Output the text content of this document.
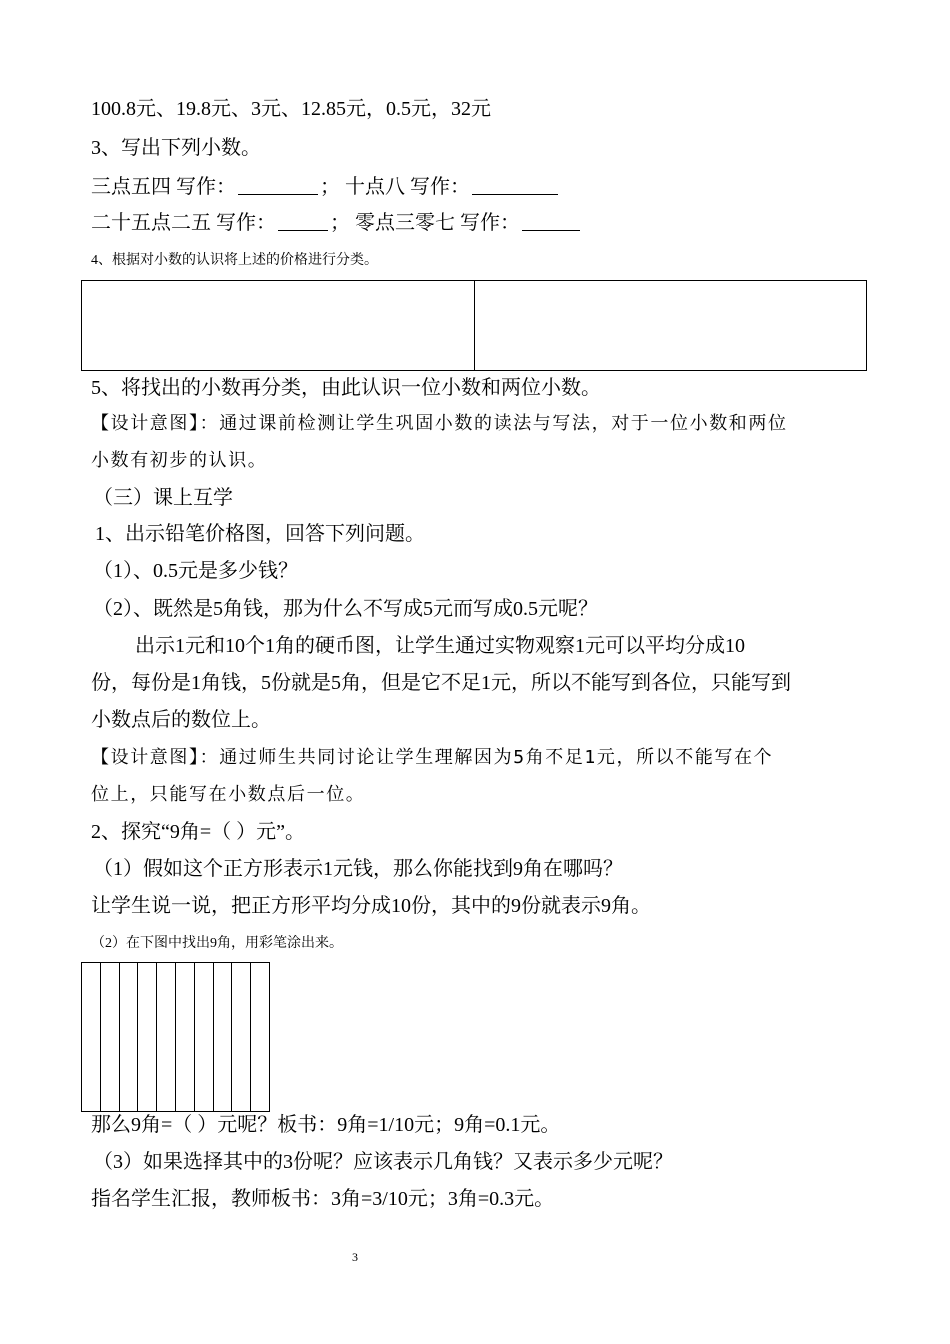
100.8元、19.8元、3元、12.85元，0.5元，32元
3、写出下列小数。
三点五四 写作：	； 十点八 写作：
二十五点二五 写作：	； 零点三零七 写作：
4、根据对小数的认识将上述的价格进行分类。
5、将找出的小数再分类，由此认识一位小数和两位小数。
【设计意图】：通过课前检测让学生巩固小数的读法与写法，对于一位小数和两位
小数有初步的认识。
（三）课上互学
1、出示铅笔价格图，回答下列问题。
（1）、0.5元是多少钱？
（2）、既然是5角钱，那为什么不写成5元而写成0.5元呢？
出示1元和10个1角的硬币图，让学生通过实物观察1元可以平均分成10
份，每份是1角钱，5份就是5角，但是它不足1元，所以不能写到各位，只能写到
小数点后的数位上。
【设计意图】：通过师生共同讨论让学生理解因为5角不足1元，所以不能写在个
位上，只能写在小数点后一位。
2、探究“9角=（ ）元”。
（1）假如这个正方形表示1元钱，那么你能找到9角在哪吗？
让学生说一说，把正方形平均分成10份，其中的9份就表示9角。
（2）在下图中找出9角，用彩笔涂出来。
那么9角=（ ）元呢？板书：9角=1/10元；9角=0.1元。
（3）如果选择其中的3份呢？应该表示几角钱？又表示多少元呢？
指名学生汇报，教师板书：3角=3/10元；3角=0.3元。
3
